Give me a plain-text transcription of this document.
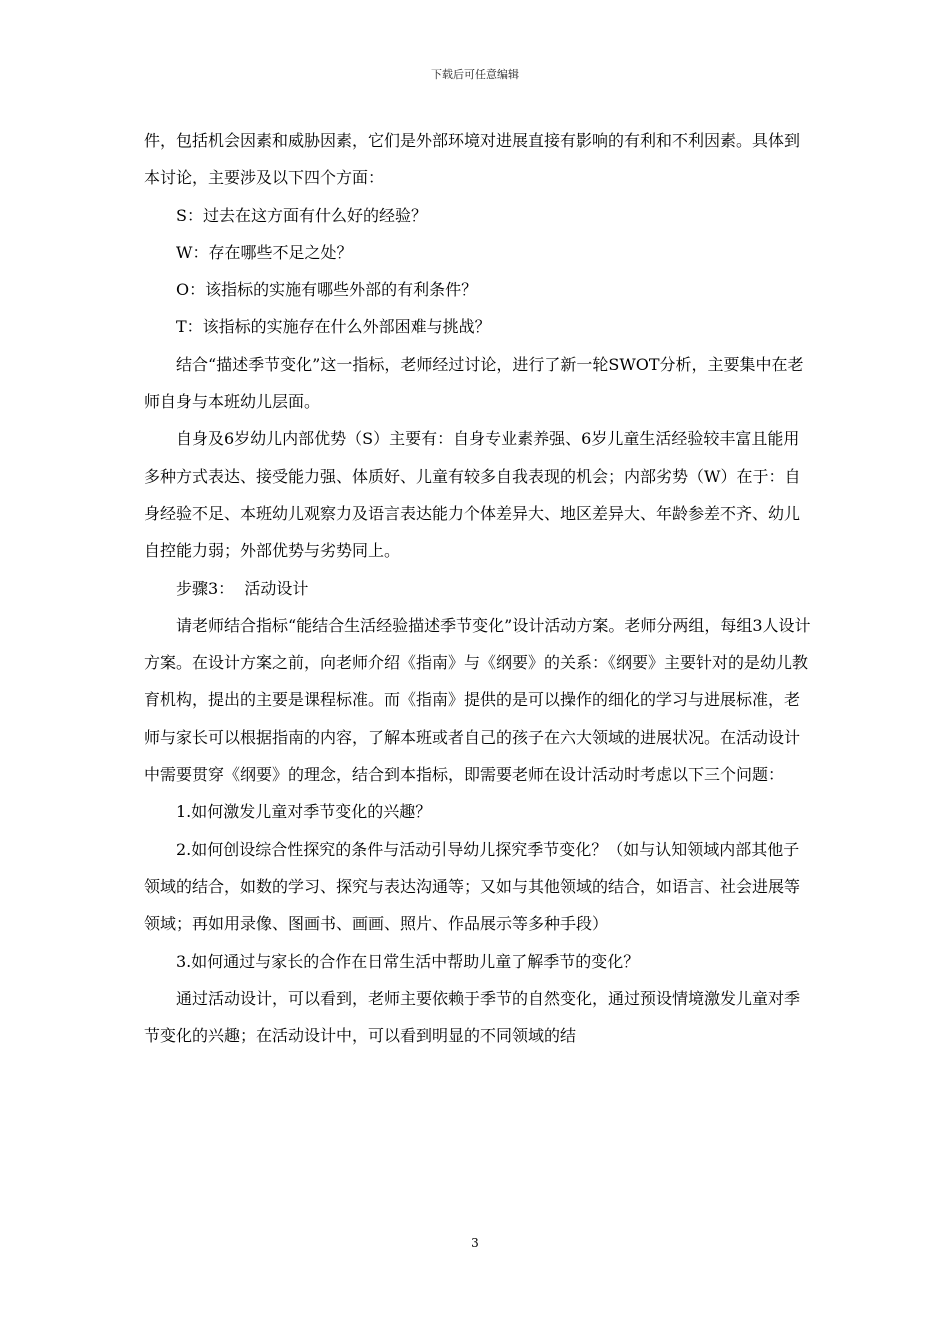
下载后可任意编辑

件，包括机会因素和威胁因素，它们是外部环境对进展直接有影响的有利和不利因素。具体到本讨论，主要涉及以下四个方面：

S：过去在这方面有什么好的经验？

W：存在哪些不足之处？

O：该指标的实施有哪些外部的有利条件？

T：该指标的实施存在什么外部困难与挑战？

结合“描述季节变化”这一指标，老师经过讨论，进行了新一轮SWOT分析，主要集中在老师自身与本班幼儿层面。

自身及6岁幼儿内部优势（S）主要有：自身专业素养强、6岁儿童生活经验较丰富且能用多种方式表达、接受能力强、体质好、儿童有较多自我表现的机会；内部劣势（W）在于：自身经验不足、本班幼儿观察力及语言表达能力个体差异大、地区差异大、年龄参差不齐、幼儿自控能力弱；外部优势与劣势同上。

步骤3：  活动设计

请老师结合指标“能结合生活经验描述季节变化”设计活动方案。老师分两组，每组3人设计方案。在设计方案之前，向老师介绍《指南》与《纲要》的关系：《纲要》主要针对的是幼儿教育机构，提出的主要是课程标准。而《指南》提供的是可以操作的细化的学习与进展标准，老师与家长可以根据指南的内容，了解本班或者自己的孩子在六大领域的进展状况。在活动设计中需要贯穿《纲要》的理念，结合到本指标，即需要老师在设计活动时考虑以下三个问题：

1.如何激发儿童对季节变化的兴趣？

2.如何创设综合性探究的条件与活动引导幼儿探究季节变化？（如与认知领域内部其他子领域的结合，如数的学习、探究与表达沟通等；又如与其他领域的结合，如语言、社会进展等领域；再如用录像、图画书、画画、照片、作品展示等多种手段）

3.如何通过与家长的合作在日常生活中帮助儿童了解季节的变化？

通过活动设计，可以看到，老师主要依赖于季节的自然变化，通过预设情境激发儿童对季节变化的兴趣；在活动设计中，可以看到明显的不同领域的结

3
